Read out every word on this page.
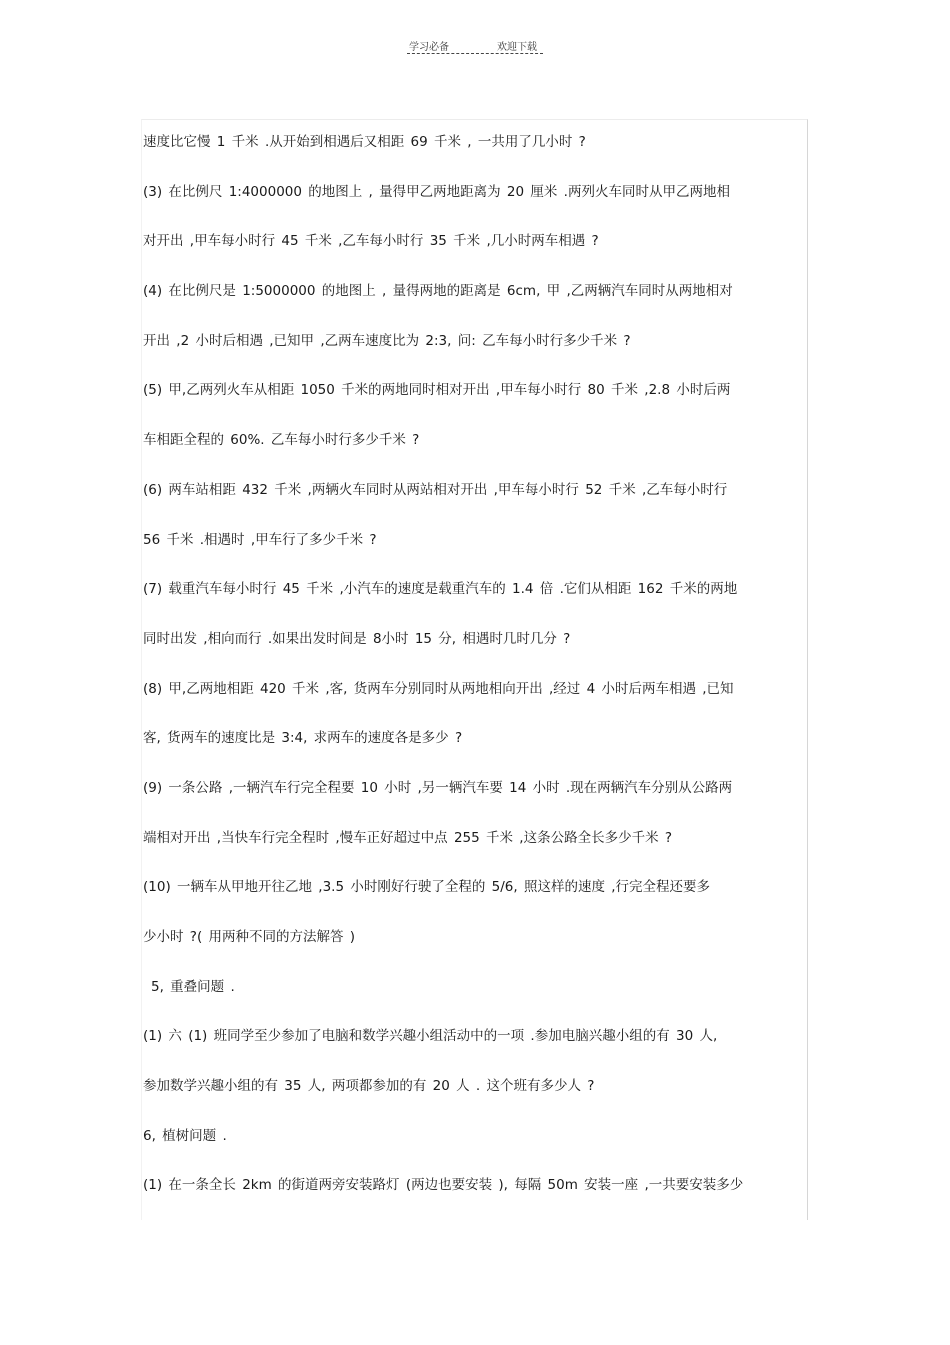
学习必备	欢迎下载
速度比它慢 1 千米 .从开始到相遇后又相距 69 千米 , 一共用了几小时 ?
(3) 在比例尺 1:4000000 的地图上 , 量得甲乙两地距离为 20 厘米 .两列火车同时从甲乙两地相
对开出 ,甲车每小时行 45 千米 ,乙车每小时行 35 千米 ,几小时两车相遇 ?
(4) 在比例尺是 1:5000000 的地图上 , 量得两地的距离是 6cm, 甲 ,乙两辆汽车同时从两地相对
开出 ,2 小时后相遇 ,已知甲 ,乙两车速度比为 2:3, 问: 乙车每小时行多少千米 ?
(5) 甲,乙两列火车从相距 1050 千米的两地同时相对开出 ,甲车每小时行 80 千米 ,2.8 小时后两
车相距全程的 60%. 乙车每小时行多少千米 ?
(6) 两车站相距 432 千米 ,两辆火车同时从两站相对开出 ,甲车每小时行 52 千米 ,乙车每小时行
56 千米 .相遇时 ,甲车行了多少千米 ?
(7) 载重汽车每小时行 45 千米 ,小汽车的速度是载重汽车的 1.4 倍 .它们从相距 162 千米的两地
同时出发 ,相向而行 .如果出发时间是 8小时 15 分, 相遇时几时几分 ?
(8) 甲,乙两地相距 420 千米 ,客, 货两车分别同时从两地相向开出 ,经过 4 小时后两车相遇 ,已知
客, 货两车的速度比是 3:4, 求两车的速度各是多少 ?
(9) 一条公路 ,一辆汽车行完全程要 10 小时 ,另一辆汽车要 14 小时 .现在两辆汽车分别从公路两
端相对开出 ,当快车行完全程时 ,慢车正好超过中点 255 千米 ,这条公路全长多少千米 ?
(10) 一辆车从甲地开往乙地 ,3.5 小时刚好行驶了全程的 5/6, 照这样的速度 ,行完全程还要多
少小时 ?( 用两种不同的方法解答 )
5, 重叠问题 .
(1) 六 (1) 班同学至少参加了电脑和数学兴趣小组活动中的一项 .参加电脑兴趣小组的有 30 人,
参加数学兴趣小组的有 35 人, 两项都参加的有 20 人 . 这个班有多少人 ?
6, 植树问题 .
(1) 在一条全长 2km 的街道两旁安装路灯 (两边也要安装 ), 每隔 50m 安装一座 ,一共要安装多少
